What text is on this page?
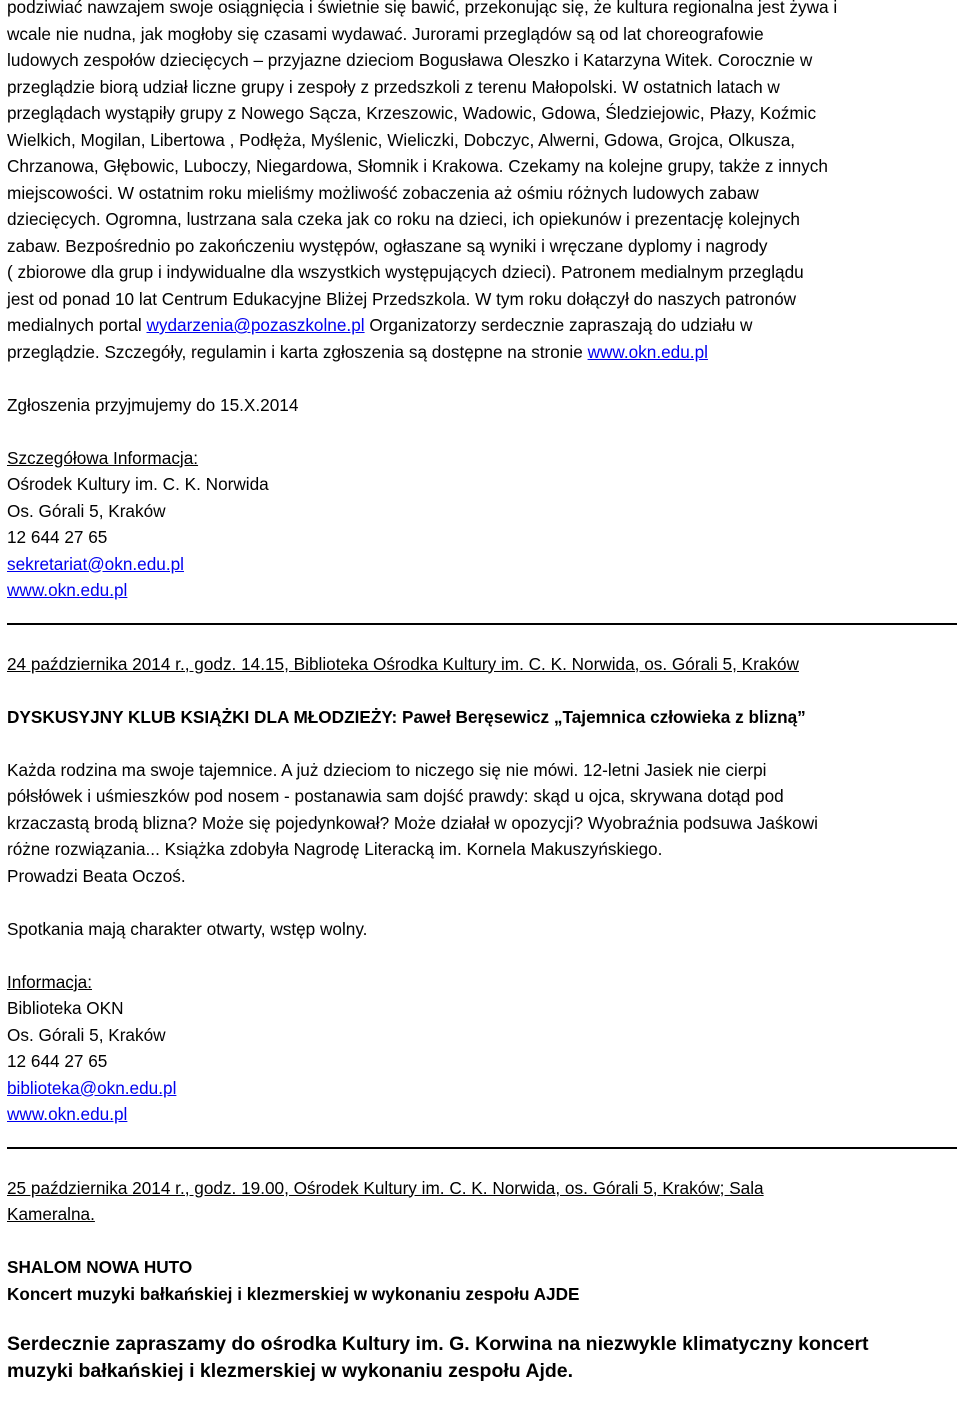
podziwiać nawzajem swoje osiągnięcia i świetnie się bawić, przekonując się, że kultura regionalna jest żywa i

wcale nie nudna, jak mogłoby się czasami wydawać. Jurorami przeglądów są od lat choreografowie

ludowych zespołów dziecięcych – przyjazne dzieciom Bogusława Oleszko i Katarzyna Witek. Corocznie w

przeglądzie biorą udział liczne grupy i zespoły z przedszkoli z terenu Małopolski. W ostatnich latach w

przeglądach wystąpiły grupy z Nowego Sącza, Krzeszowic, Wadowic, Gdowa, Śledziejowic, Płazy, Koźmic

Wielkich, Mogilan, Libertowa , Podłęża, Myślenic, Wieliczki, Dobczyc, Alwerni, Gdowa, Grojca, Olkusza,

Chrzanowa, Głębowic, Luboczy, Niegardowa, Słomnik i Krakowa. Czekamy na kolejne grupy, także z innych

miejscowości. W ostatnim roku mieliśmy możliwość zobaczenia aż ośmiu różnych ludowych zabaw

dziecięcych. Ogromna, lustrzana sala czeka jak co roku na dzieci, ich opiekunów i prezentację kolejnych

zabaw. Bezpośrednio po zakończeniu występów, ogłaszane są wyniki i wręczane dyplomy i nagrody

( zbiorowe dla grup i indywidualne dla wszystkich występujących dzieci). Patronem medialnym przeglądu

jest od ponad 10 lat Centrum Edukacyjne Bliżej Przedszkola. W tym roku dołączył do naszych patronów

medialnych portal wydarzenia@pozaszkolne.pl Organizatorzy serdecznie zapraszają do udziału w

przeglądzie. Szczegóły, regulamin i karta zgłoszenia są dostępne na stronie www.okn.edu.pl

Zgłoszenia przyjmujemy do 15.X.2014

Szczegółowa Informacja:

Ośrodek Kultury im. C. K. Norwida

Os. Górali 5, Kraków

12 644 27 65

sekretariat@okn.edu.pl

www.okn.edu.pl

24 października 2014 r., godz. 14.15, Biblioteka Ośrodka Kultury im. C. K. Norwida, os. Górali 5, Kraków

DYSKUSYJNY KLUB KSIĄŻKI DLA MŁODZIEŻY: Paweł Beręsewicz „Tajemnica człowieka z blizną”

Każda rodzina ma swoje tajemnice. A już dzieciom to niczego się nie mówi. 12-letni Jasiek nie cierpi

półsłówek i uśmieszków pod nosem - postanawia sam dojść prawdy: skąd u ojca, skrywana dotąd pod

krzaczastą brodą blizna? Może się pojedynkował? Może działał w opozycji? Wyobraźnia podsuwa Jaśkowi

różne rozwiązania... Książka zdobyła Nagrodę Literacką im. Kornela Makuszyńskiego.

Prowadzi Beata Oczoś.

Spotkania mają charakter otwarty, wstęp wolny.

Informacja:

Biblioteka OKN

Os. Górali 5, Kraków

12 644 27 65

biblioteka@okn.edu.pl

www.okn.edu.pl

25 października 2014 r., godz. 19.00, Ośrodek Kultury im. C. K. Norwida, os. Górali 5, Kraków; Sala

Kameralna.

SHALOM NOWA HUTO

Koncert muzyki bałkańskiej i klezmerskiej w wykonaniu zespołu AJDE

Serdecznie zapraszamy do ośrodka Kultury im. G. Korwina na niezwykle klimatyczny koncert

muzyki bałkańskiej i klezmerskiej w wykonaniu zespołu Ajde.
